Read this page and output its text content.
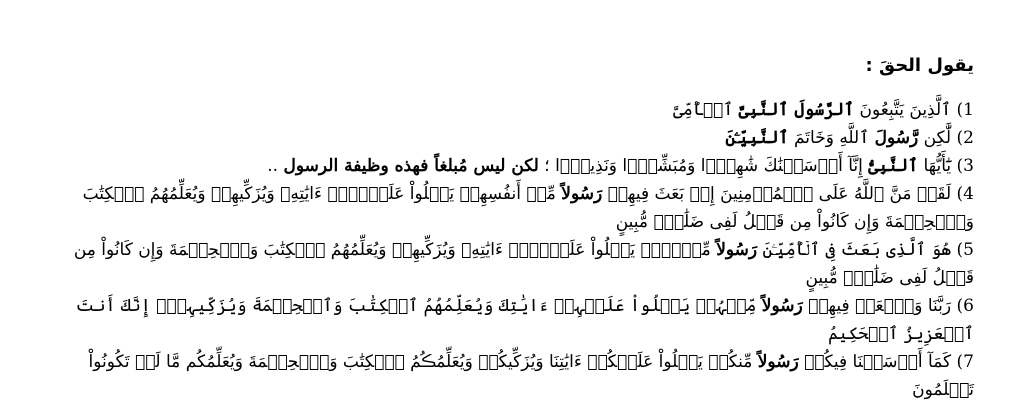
يقول الحقَ :
1) ٱلَّذِينَ يَتَّبِعُونَ ٱلرَّسُولَ ٱلنَّبِىَّ ٱلۡأُمِّىَّ
2) لَّٰكِن رَّسُولَ ٱللَّهِ وَخَاتَمَ ٱلنَّبِيِّـۧنَ
3) يَٰٓأَيُّهَا ٱلنَّبِىُّ إِنَّآ أَرۡسَلۡنَٰكَ شَٰهِدً۬ا وَمُبَشِّرً۬ا وَنَذِيرً۬ا ؛ لكن ليس مُبلغاً فهذه وظيفة الرسول ..
4) لَقَدۡ مَنَّ ٱللَّهُ عَلَى ٱلۡمُؤۡمِنِينَ إِذۡ بَعَثَ فِيهِمۡ رَسُولاً مِّنۡ أَنفُسِهِمۡ يَتۡلُواْ عَلَيۡہِمۡ ءَايَٰتِهِۦ وَيُزَكِّيهِمۡ وَيُعَلِّمُهُمُ ٱلۡكِتَٰبَ وَٱلۡحِكۡمَةَ وَإِن كَانُواْ مِن قَبۡلُ لَفِى ضَلَٰلٍ۬ مُّبِينٍ
5) هُوَ ٱلَّذِى بَعَثَ فِى ٱلۡأُمِّيِّـۧنَ رَسُولاً مِّنۡہُمۡ يَتۡلُواْ عَلَيۡہِمۡ ءَايَٰتِهِۦ وَيُزَكِّيهِمۡ وَيُعَلِّمُهُمُ ٱلۡكِتَٰبَ وَٱلۡحِكۡمَةَ وَإِن كَانُواْ مِن قَبۡلُ لَفِى ضَلَٰلٍ۬ مُّبِينٍ
6) رَبَّنَا وَٱبۡعَثۡ فِيهِمۡ رَسُولاً مِّنۡہُمۡ يَتۡلُواْ عَلَيۡہِمۡ ءَايَٰتِكَ وَيُعَلِّمُهُمُ ٱلۡكِتَٰبَ وَٱلۡحِكۡمَةَ وَيُزَكِّيہِمۡۚ إِنَّكَ أَنتَ ٱلۡعَزِيزُ ٱلۡحَكِيمُ
7) كَمَآ أَرۡسَلۡنَا فِيكُمۡ رَسُولاً مِّنكُمۡ يَتۡلُواْ عَلَيۡكُمۡ ءَايَٰتِنَا وَيُزَكِّيكُمۡ وَيُعَلِّمُڪُمُ ٱلۡكِتَٰبَ وَٱلۡحِكۡمَةَ وَيُعَلِّمُكُم مَّا لَمۡ تَكُونُواْ تَعۡلَمُونَ
